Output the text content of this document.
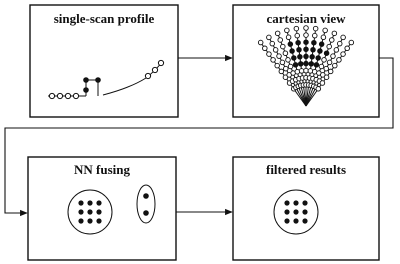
single-scan profile	cartesian view
NN fusing	filtered results
